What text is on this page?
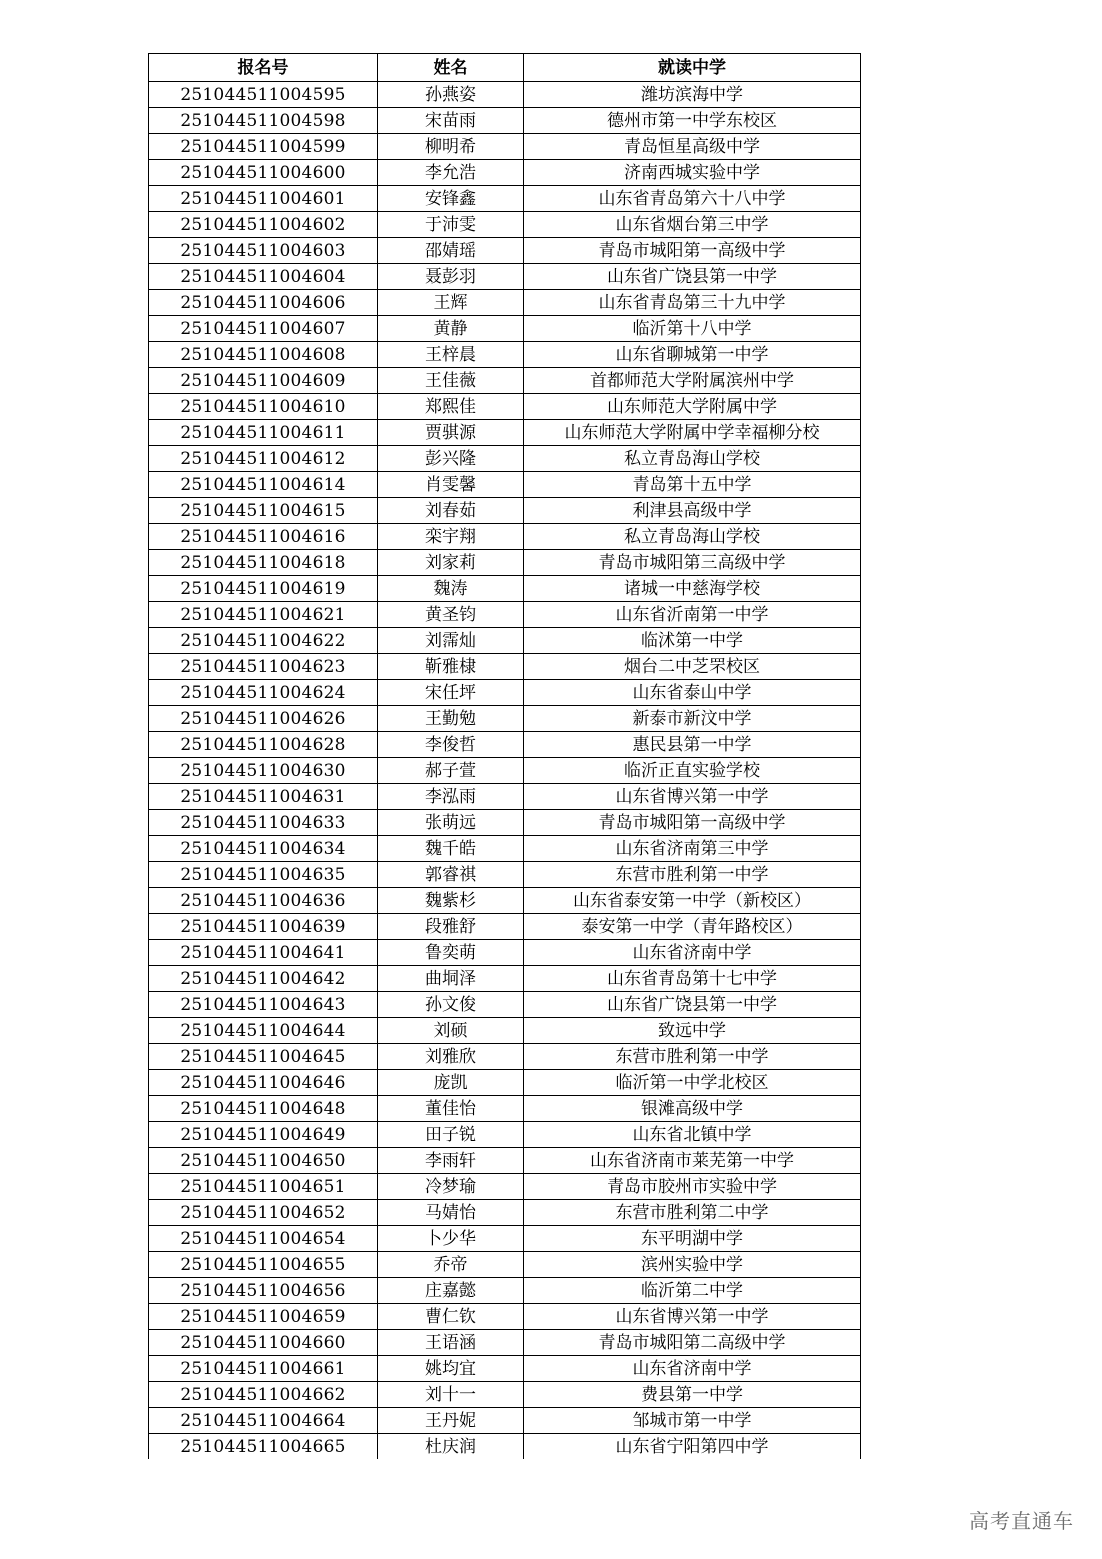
报名号	姓名	就读中学
251044511004595	孙燕姿	潍坊滨海中学
251044511004598	宋苗雨	德州市第一中学东校区
251044511004599	柳明希	青岛恒星高级中学
251044511004600	李允浩	济南西城实验中学
251044511004601	安锋鑫	山东省青岛第六十八中学
251044511004602	于沛雯	山东省烟台第三中学
251044511004603	邵婧瑶	青岛市城阳第一高级中学
251044511004604	聂彭羽	山东省广饶县第一中学
251044511004606	王辉	山东省青岛第三十九中学
251044511004607	黄静	临沂第十八中学
251044511004608	王梓晨	山东省聊城第一中学
251044511004609	王佳薇	首都师范大学附属滨州中学
251044511004610	郑熙佳	山东师范大学附属中学
251044511004611	贾骐源	山东师范大学附属中学幸福柳分校
251044511004612	彭兴隆	私立青岛海山学校
251044511004614	肖雯馨	青岛第十五中学
251044511004615	刘春茹	利津县高级中学
251044511004616	栾宇翔	私立青岛海山学校
251044511004618	刘家莉	青岛市城阳第三高级中学
251044511004619	魏涛	诸城一中慈海学校
251044511004621	黄圣钧	山东省沂南第一中学
251044511004622	刘霈灿	临沭第一中学
251044511004623	靳雅棣	烟台二中芝罘校区
251044511004624	宋任坪	山东省泰山中学
251044511004626	王勤勉	新泰市新汶中学
251044511004628	李俊哲	惠民县第一中学
251044511004630	郝子萱	临沂正直实验学校
251044511004631	李泓雨	山东省博兴第一中学
251044511004633	张萌远	青岛市城阳第一高级中学
251044511004634	魏千皓	山东省济南第三中学
251044511004635	郭睿祺	东营市胜利第一中学
251044511004636	魏紫杉	山东省泰安第一中学（新校区）
251044511004639	段雅舒	泰安第一中学（青年路校区）
251044511004641	鲁奕萌	山东省济南中学
251044511004642	曲垌泽	山东省青岛第十七中学
251044511004643	孙文俊	山东省广饶县第一中学
251044511004644	刘硕	致远中学
251044511004645	刘雅欣	东营市胜利第一中学
251044511004646	庞凯	临沂第一中学北校区
251044511004648	董佳怡	银滩高级中学
251044511004649	田子锐	山东省北镇中学
251044511004650	李雨轩	山东省济南市莱芜第一中学
251044511004651	冷梦瑜	青岛市胶州市实验中学
251044511004652	马婧怡	东营市胜利第二中学
251044511004654	卜少华	东平明湖中学
251044511004655	乔帝	滨州实验中学
251044511004656	庄嘉懿	临沂第二中学
251044511004659	曹仁钦	山东省博兴第一中学
251044511004660	王语涵	青岛市城阳第二高级中学
251044511004661	姚均宜	山东省济南中学
251044511004662	刘十一	费县第一中学
251044511004664	王丹妮	邹城市第一中学
251044511004665	杜庆润	山东省宁阳第四中学
高考直通车
